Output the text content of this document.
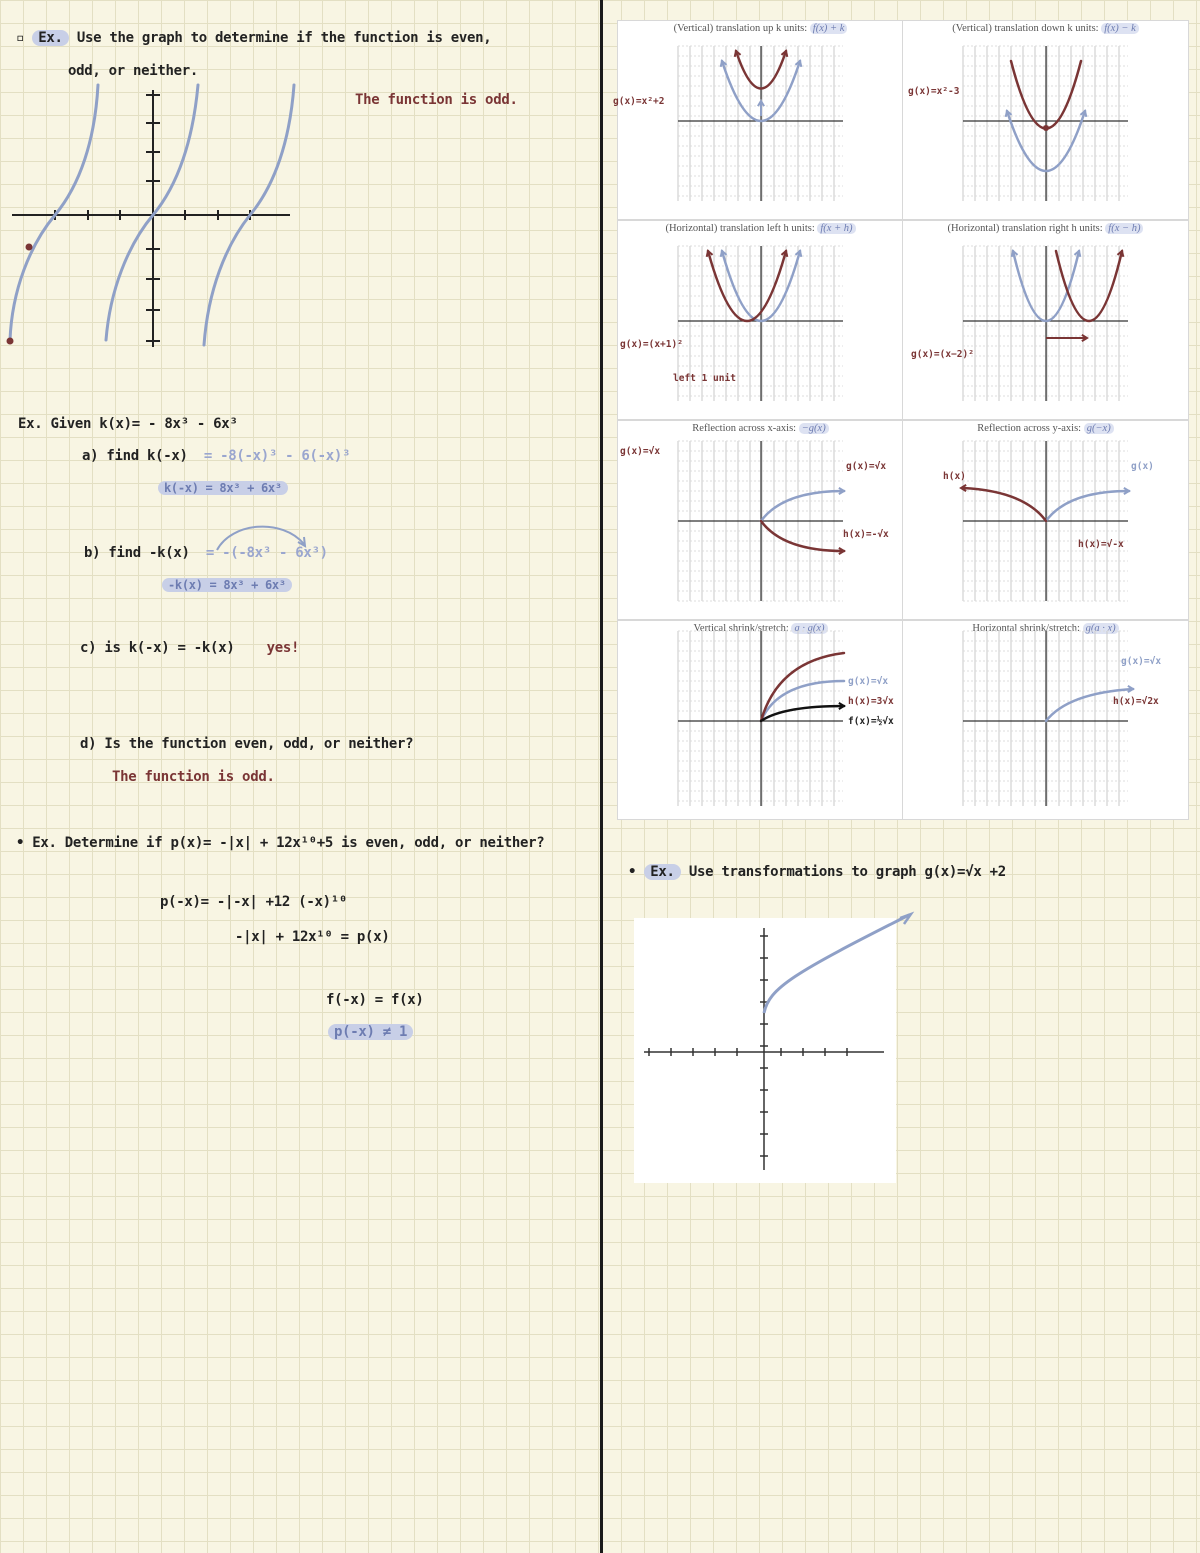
▫ Ex. Use the graph to determine if the function is even,
odd, or neither.
The function is odd.
Ex. Given k(x)= - 8x³ - 6x³
a) find k(-x) = -8(-x)³ - 6(-x)³
k(-x) = 8x³ + 6x³
b) find -k(x) = -(-8x³ - 6x³)
-k(x) = 8x³ + 6x³
c) is k(-x) = -k(x) yes!
d) Is the function even, odd, or neither?
The function is odd.
• Ex. Determine if p(x)= -|x| + 12x¹⁰+5 is even, odd, or neither?
p(-x)= -|-x| +12 (-x)¹⁰
-|x| + 12x¹⁰ = p(x)
f(-x) = f(x)
p(-x) ≠ 1
(Vertical) translation up k units: f(x) + k
g(x)=x²+2
(Vertical) translation down k units: f(x) − k
g(x)=x²-3
(Horizontal) translation left h units: f(x + h)
g(x)=(x+1)²
left 1 unit
(Horizontal) translation right h units: f(x − h)
g(x)=(x−2)²
Reflection across x-axis: −g(x)
g(x)=√x
g(x)=√x
h(x)=-√x
Reflection across y-axis: g(−x)
h(x)
g(x)
h(x)=√-x
Vertical shrink/stretch: a · g(x)
g(x)=√x
h(x)=3√x
f(x)=½√x
Horizontal shrink/stretch: g(a · x)
g(x)=√x
h(x)=√2x
• Ex. Use transformations to graph g(x)=√x +2
